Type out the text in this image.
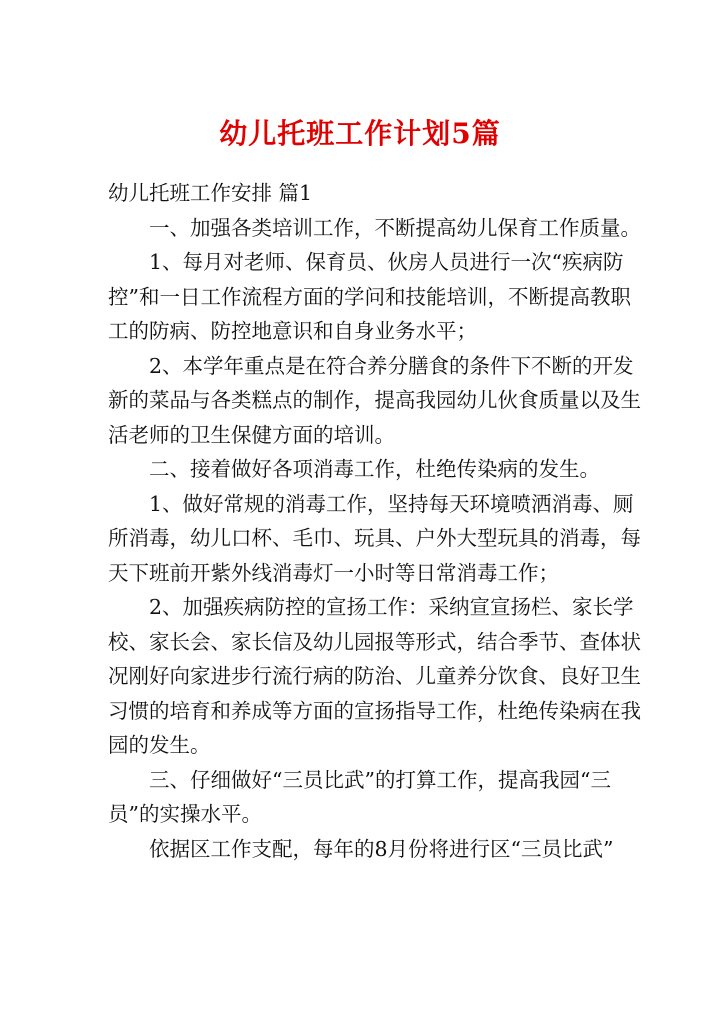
幼儿托班工作计划5篇

幼儿托班工作安排 篇1

一、加强各类培训工作，不断提高幼儿保育工作质量。

1、每月对老师、保育员、伙房人员进行一次“疾病防
控”和一日工作流程方面的学问和技能培训，不断提高教职
工的防病、防控地意识和自身业务水平；

2、本学年重点是在符合养分膳食的条件下不断的开发
新的菜品与各类糕点的制作，提高我园幼儿伙食质量以及生
活老师的卫生保健方面的培训。

二、接着做好各项消毒工作，杜绝传染病的发生。

1、做好常规的消毒工作，坚持每天环境喷洒消毒、厕
所消毒，幼儿口杯、毛巾、玩具、户外大型玩具的消毒，每
天下班前开紫外线消毒灯一小时等日常消毒工作；

2、加强疾病防控的宣扬工作：采纳宣宣扬栏、家长学
校、家长会、家长信及幼儿园报等形式，结合季节、查体状
况刚好向家进步行流行病的防治、儿童养分饮食、良好卫生
习惯的培育和养成等方面的宣扬指导工作，杜绝传染病在我
园的发生。

三、仔细做好“三员比武”的打算工作，提高我园“三
员”的实操水平。

依据区工作支配，每年的8月份将进行区“三员比武”
